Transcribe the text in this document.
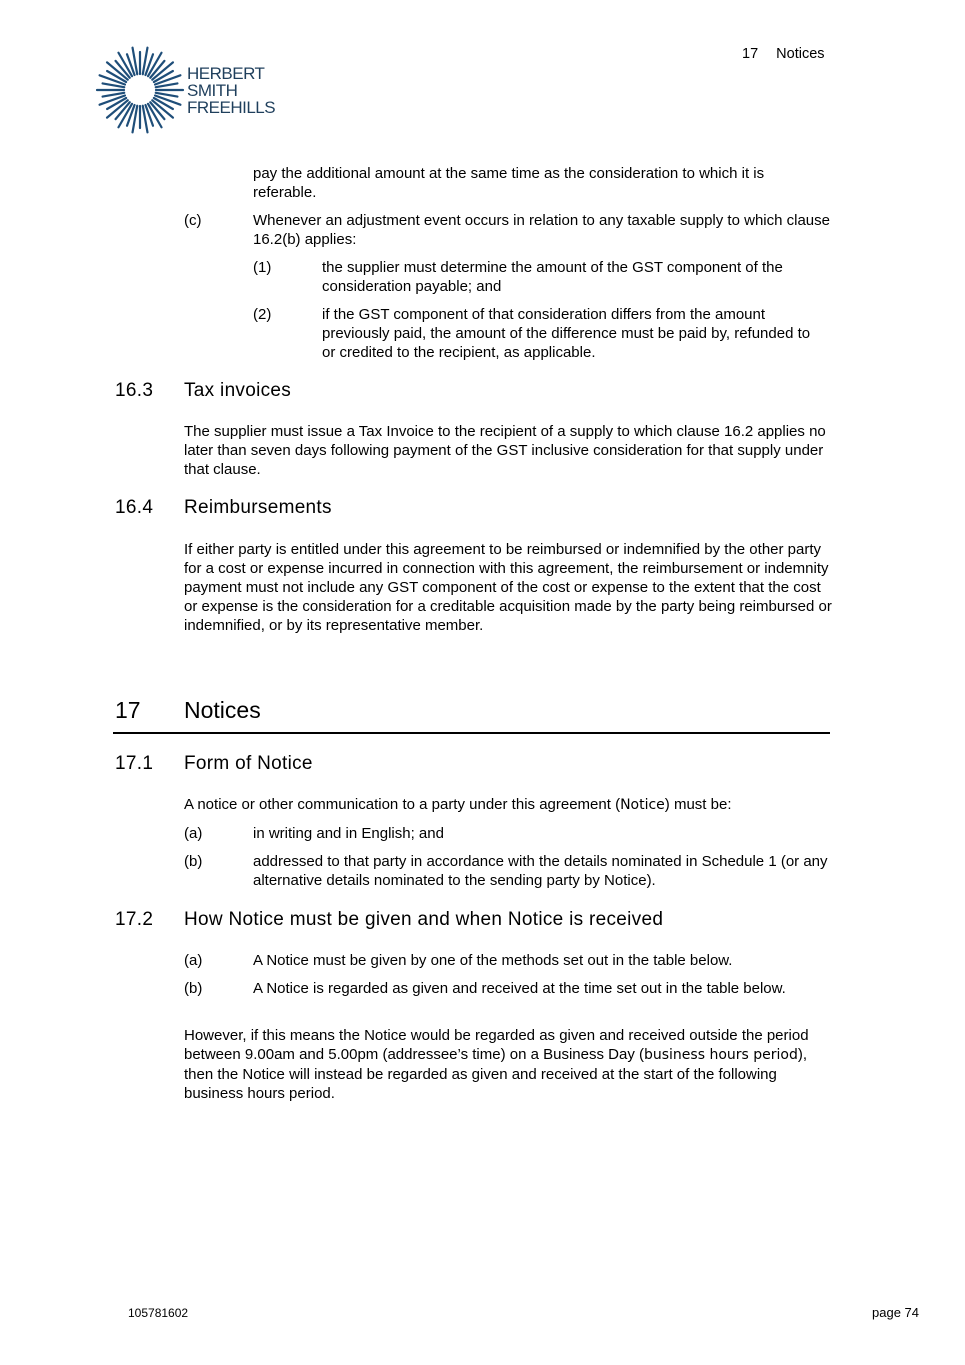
17 Notices
HERBERT
SMITH
FREEHILLS
pay the additional amount at the same time as the consideration to which it is referable.
(c)	Whenever an adjustment event occurs in relation to any taxable supply to which clause 16.2(b) applies:
(1)	the supplier must determine the amount of the GST component of the consideration payable; and
(2)	if the GST component of that consideration differs from the amount previously paid, the amount of the difference must be paid by, refunded to or credited to the recipient, as applicable.
16.3 Tax invoices
The supplier must issue a Tax Invoice to the recipient of a supply to which clause 16.2 applies no later than seven days following payment of the GST inclusive consideration for that supply under that clause.
16.4 Reimbursements
If either party is entitled under this agreement to be reimbursed or indemnified by the other party for a cost or expense incurred in connection with this agreement, the reimbursement or indemnity payment must not include any GST component of the cost or expense to the extent that the cost or expense is the consideration for a creditable acquisition made by the party being reimbursed or indemnified, or by its representative member.
17 Notices
17.1 Form of Notice
A notice or other communication to a party under this agreement (Notice) must be:
(a)	in writing and in English; and
(b)	addressed to that party in accordance with the details nominated in Schedule 1 (or any alternative details nominated to the sending party by Notice).
17.2 How Notice must be given and when Notice is received
(a)	A Notice must be given by one of the methods set out in the table below.
(b)	A Notice is regarded as given and received at the time set out in the table below.
However, if this means the Notice would be regarded as given and received outside the period between 9.00am and 5.00pm (addressee’s time) on a Business Day (business hours period), then the Notice will instead be regarded as given and received at the start of the following business hours period.
105781602	page 74
